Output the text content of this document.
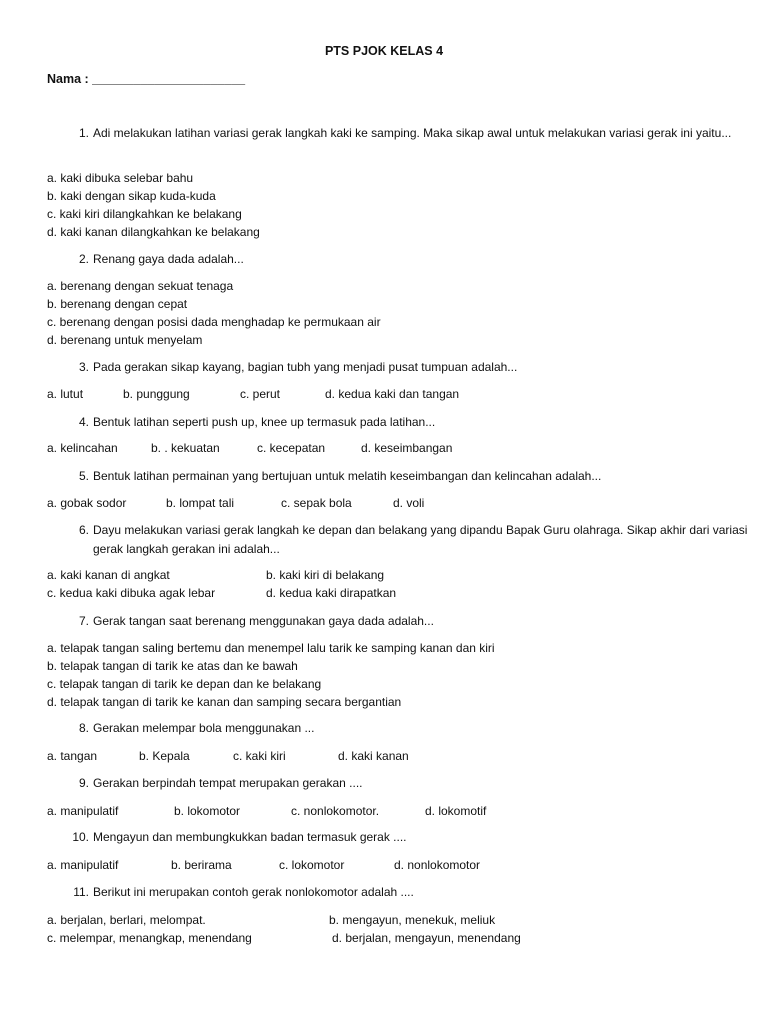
PTS PJOK KELAS 4
Nama : ______________________
1. Adi melakukan latihan variasi gerak langkah kaki ke samping. Maka sikap awal untuk melakukan variasi gerak ini yaitu...
a. kaki dibuka selebar bahu
b. kaki dengan sikap kuda-kuda
c. kaki kiri dilangkahkan ke belakang
d. kaki kanan dilangkahkan ke belakang
2. Renang gaya dada adalah...
a. berenang dengan sekuat tenaga
b. berenang dengan cepat
c. berenang dengan posisi dada menghadap ke permukaan air
d. berenang untuk menyelam
3. Pada gerakan sikap kayang, bagian tubh yang menjadi pusat tumpuan adalah...
a. lutut	b. punggung	c. perut	d. kedua kaki dan tangan
4. Bentuk latihan seperti push up, knee up termasuk pada latihan...
a. kelincahan	b. . kekuatan	c. kecepatan	d. keseimbangan
5. Bentuk latihan permainan yang bertujuan untuk melatih keseimbangan dan kelincahan adalah...
a. gobak sodor	b. lompat tali	c. sepak bola	d. voli
6. Dayu melakukan variasi gerak langkah ke depan dan belakang yang dipandu Bapak Guru olahraga. Sikap akhir dari variasi gerak langkah gerakan ini adalah...
a. kaki kanan di angkat	b. kaki kiri di belakang
c. kedua kaki dibuka agak lebar	d. kedua kaki dirapatkan
7. Gerak tangan saat berenang menggunakan gaya dada adalah...
a. telapak tangan saling bertemu dan menempel lalu tarik ke samping kanan dan kiri
b. telapak tangan di tarik ke atas dan ke bawah
c. telapak tangan di tarik ke depan dan ke belakang
d. telapak tangan di tarik ke kanan dan samping secara bergantian
8. Gerakan melempar bola menggunakan ...
a. tangan	b. Kepala	c. kaki kiri	d. kaki kanan
9. Gerakan berpindah tempat merupakan gerakan ....
a. manipulatif	b. lokomotor	c. nonlokomotor.	d. lokomotif
10. Mengayun dan membungkukkan badan termasuk gerak ....
a. manipulatif	b. berirama	c. lokomotor	d. nonlokomotor
11. Berikut ini merupakan contoh gerak nonlokomotor adalah ....
a. berjalan, berlari, melompat.	b. mengayun, menekuk, meliuk
c. melempar, menangkap, menendang	d. berjalan, mengayun, menendang
